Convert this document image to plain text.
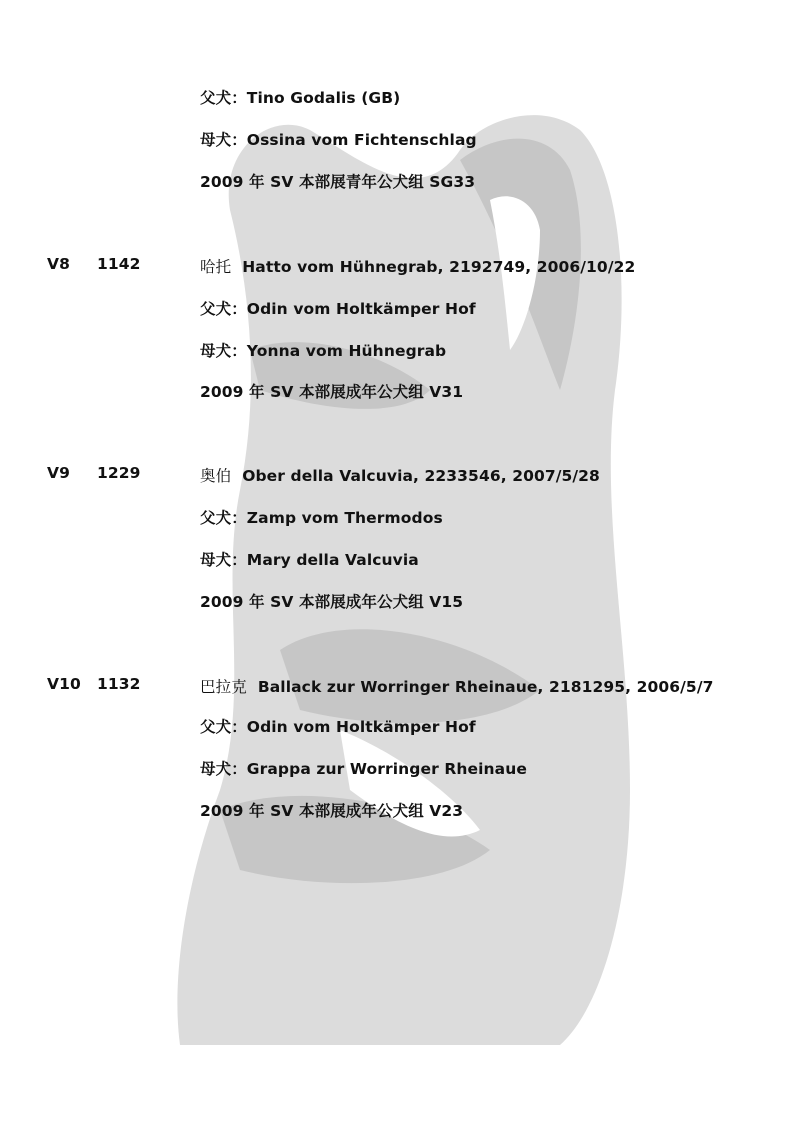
父犬：Tino Godalis (GB)
母犬：Ossina vom Fichtenschlag
2009 年 SV 本部展青年公犬组 SG33
V8 1142	哈托 Hatto vom Hühnegrab, 2192749, 2006/10/22
父犬：Odin vom Holtkämper Hof
母犬：Yonna vom Hühnegrab
2009 年 SV 本部展成年公犬组 V31
V9 1229	奥伯 Ober della Valcuvia, 2233546, 2007/5/28
父犬：Zamp vom Thermodos
母犬：Mary della Valcuvia
2009 年 SV 本部展成年公犬组 V15
V10 1132	巴拉克 Ballack zur Worringer Rheinaue, 2181295, 2006/5/7
父犬：Odin vom Holtkämper Hof
母犬：Grappa zur Worringer Rheinaue
2009 年 SV 本部展成年公犬组 V23
